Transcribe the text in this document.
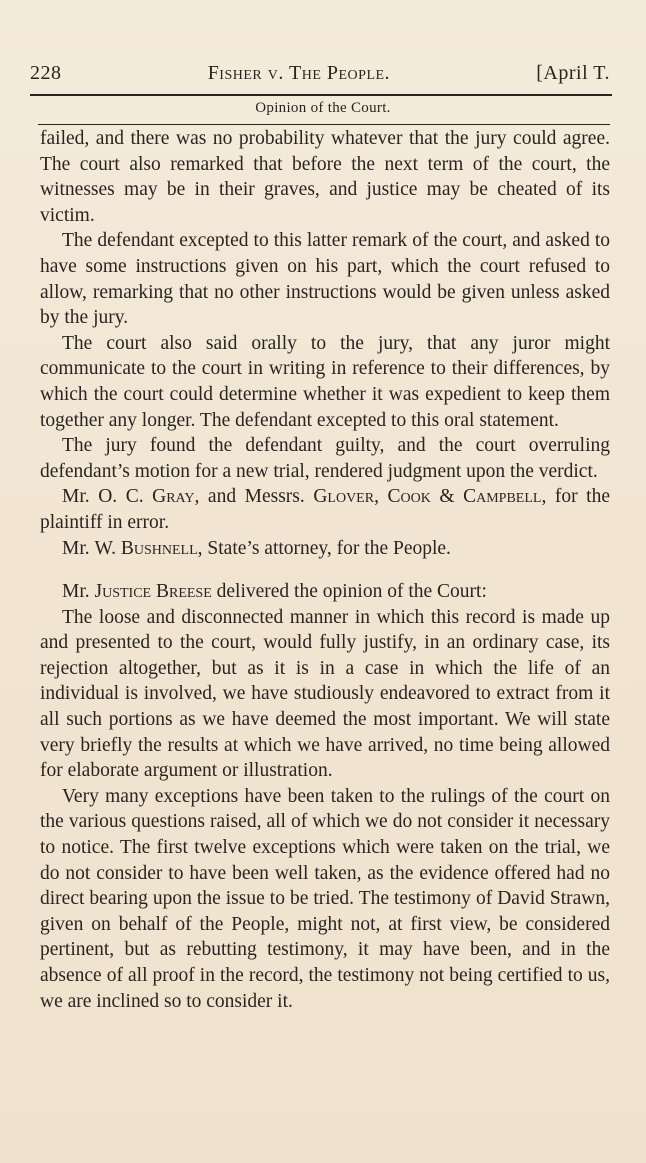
228	Fisher v. The People.	[April T.
Opinion of the Court.

failed, and there was no probability whatever that the jury could agree. The court also remarked that before the next term of the court, the witnesses may be in their graves, and justice may be cheated of its victim.

The defendant excepted to this latter remark of the court, and asked to have some instructions given on his part, which the court refused to allow, remarking that no other instructions would be given unless asked by the jury.

The court also said orally to the jury, that any juror might communicate to the court in writing in reference to their differences, by which the court could determine whether it was expedient to keep them together any longer. The defendant excepted to this oral statement.

The jury found the defendant guilty, and the court overruling defendant’s motion for a new trial, rendered judgment upon the verdict.

Mr. O. C. Gray, and Messrs. Glover, Cook & Campbell, for the plaintiff in error.

Mr. W. Bushnell, State’s attorney, for the People.

Mr. Justice Breese delivered the opinion of the Court:

The loose and disconnected manner in which this record is made up and presented to the court, would fully justify, in an ordinary case, its rejection altogether, but as it is in a case in which the life of an individual is involved, we have studiously endeavored to extract from it all such portions as we have deemed the most important. We will state very briefly the results at which we have arrived, no time being allowed for elaborate argument or illustration.

Very many exceptions have been taken to the rulings of the court on the various questions raised, all of which we do not consider it necessary to notice. The first twelve exceptions which were taken on the trial, we do not consider to have been well taken, as the evidence offered had no direct bearing upon the issue to be tried. The testimony of David Strawn, given on behalf of the People, might not, at first view, be considered pertinent, but as rebutting testimony, it may have been, and in the absence of all proof in the record, the testimony not being certified to us, we are inclined so to consider it.
